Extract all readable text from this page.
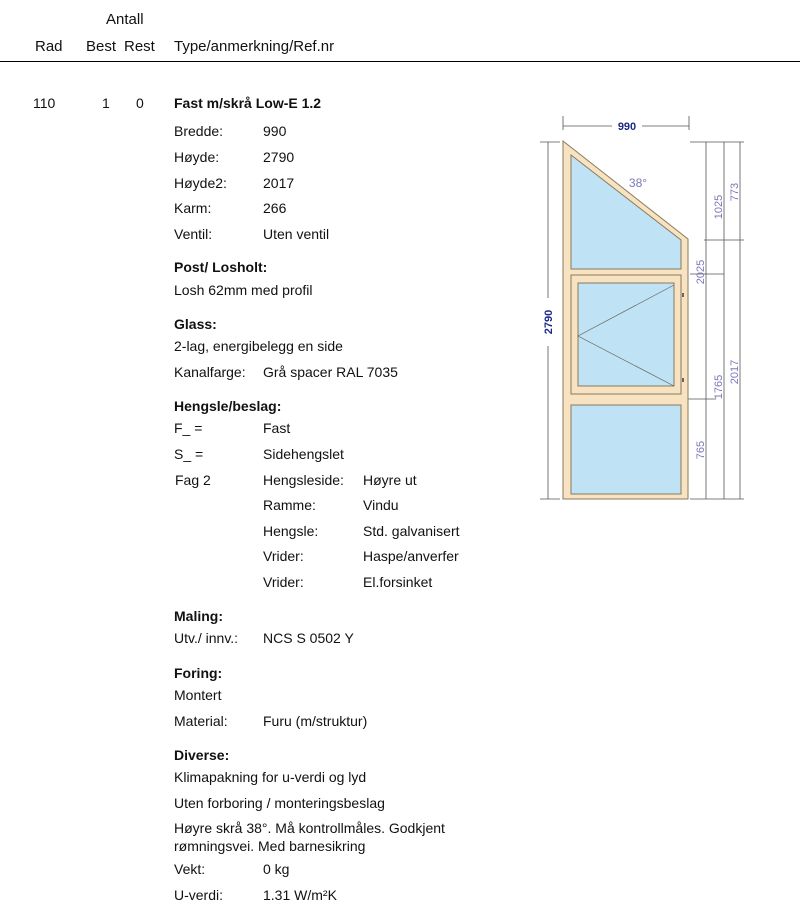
Antall
Rad Best Rest Type/anmerkning/Ref.nr
110	1 0 Fast m/skrå Low-E 1.2
Bredde:	990
Høyde:	2790
Høyde2:	2017
Karm:	266
Ventil:	Uten ventil
Post/ Losholt:
Losh 62mm med profil
Glass:
2-lag, energibelegg en side
Kanalfarge: Grå spacer RAL 7035
Hengsle/beslag:
F_ =	Fast
S_ =	Sidehengslet
Fag 2	Hengsleside: Høyre ut
Ramme:	Vindu
Hengsle:	Std. galvanisert
Vrider:	Haspe/anverfer
Vrider:	El.forsinket
Maling:
Utv./ innv.: NCS S 0502 Y
Foring:
Montert
Material:	Furu (m/struktur)
Diverse:
Klimapakning for u-verdi og lyd
Uten forboring / monteringsbeslag
Høyre skrå 38°. Må kontrollmåles. Godkjent
rømningsvei. Med barnesikring
Vekt:	0 kg
U-verdi:	1.31 W/m²K
990
2790
38°
1025
773
2025
1765
2017
765
